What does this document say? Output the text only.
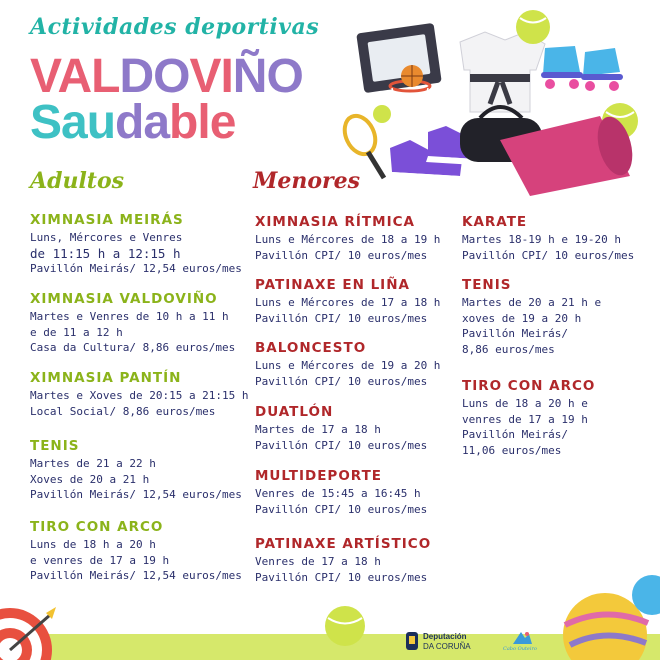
Actividades deportivas
VALDOVIÑO
Saudable
Adultos	Menores
XIMNASIA MEIRÁS
Luns, Mércores e Venres
de 11:15 h a 12:15 h
Pavillón Meirás/ 12,54 euros/mes
XIMNASIA VALDOVIÑO
Martes e Venres de 10 h a 11 h
e de 11 a 12 h
Casa da Cultura/ 8,86 euros/mes
XIMNASIA PANTÍN
Martes e Xoves de 20:15 a 21:15 h
Local Social/ 8,86 euros/mes
TENIS
Martes de 21 a 22 h
Xoves de 20 a 21 h
Pavillón Meirás/ 12,54 euros/mes
TIRO CON ARCO
Luns de 18 h a 20 h
e venres de 17 a 19 h
Pavillón Meirás/ 12,54 euros/mes
XIMNASIA RÍTMICA
Luns e Mércores de 18 a 19 h
Pavillón CPI/ 10 euros/mes
PATINAXE EN LIÑA
Luns e Mércores de 17 a 18 h
Pavillón CPI/ 10 euros/mes
BALONCESTO
Luns e Mércores de 19 a 20 h
Pavillón CPI/ 10 euros/mes
DUATLÓN
Martes de 17 a 18 h
Pavillón CPI/ 10 euros/mes
MULTIDEPORTE
Venres de 15:45 a 16:45 h
Pavillón CPI/ 10 euros/mes
PATINAXE ARTÍSTICO
Venres de 17 a 18 h
Pavillón CPI/ 10 euros/mes
KARATE
Martes 18-19 h e 19-20 h
Pavillón CPI/ 10 euros/mes
TENIS
Martes de 20 a 21 h e
xoves de 19 a 20 h
Pavillón Meirás/
8,86 euros/mes
TIRO CON ARCO
Luns de 18 a 20 h e
venres de 17 a 19 h
Pavillón Meirás/
11,06 euros/mes
Deputación
DA CORUÑA	Cabo Outeiro
